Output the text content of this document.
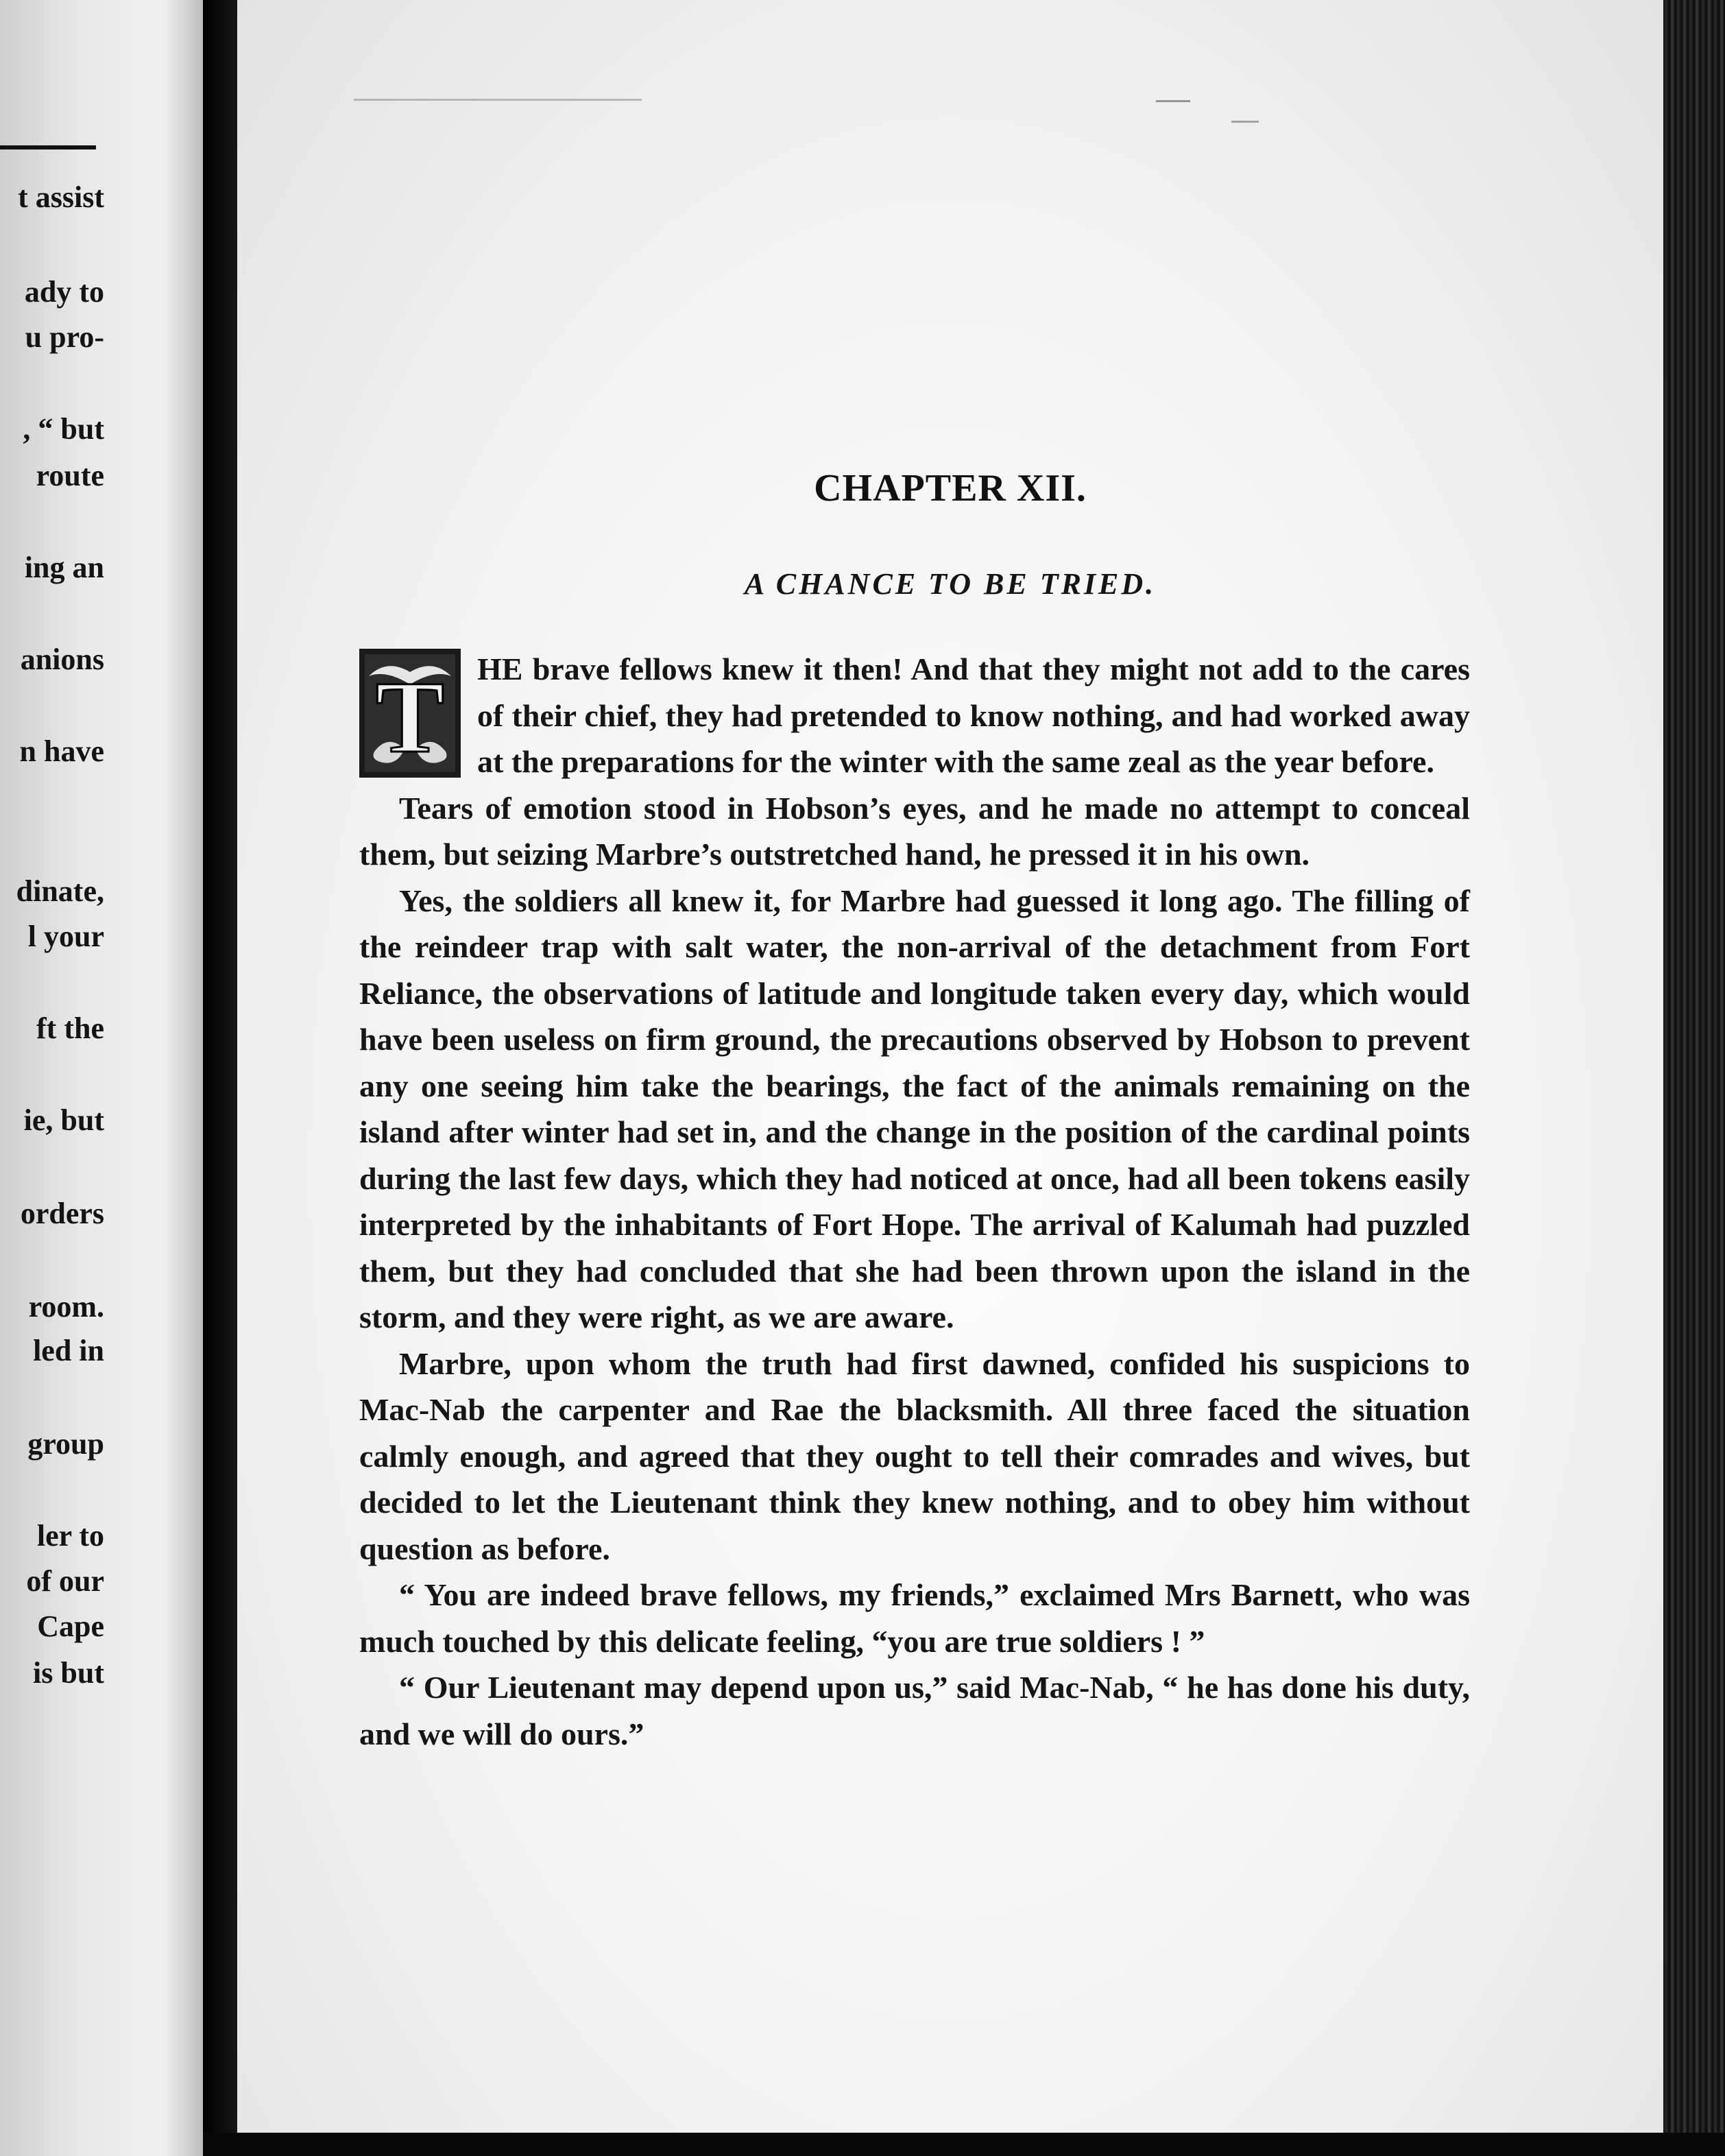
t assist
ady to
u pro-
, “ but
route
ing an
anions
n have
dinate,
l your
ft the
ie, but
orders
room.
led in
group
ler to
of our
Cape
is but
CHAPTER XII.
A CHANCE TO BE TRIED.

T HE brave fellows knew it then! And that they might not add to the cares of their chief, they had pretended to know nothing, and had worked away at the preparations for the winter with the same zeal as the year before.

Tears of emotion stood in Hobson’s eyes, and he made no attempt to conceal them, but seizing Marbre’s outstretched hand, he pressed it in his own.

Yes, the soldiers all knew it, for Marbre had guessed it long ago. The filling of the reindeer trap with salt water, the non-arrival of the detachment from Fort Reliance, the observations of latitude and longitude taken every day, which would have been useless on firm ground, the precautions observed by Hobson to prevent any one seeing him take the bearings, the fact of the animals remaining on the island after winter had set in, and the change in the position of the cardinal points during the last few days, which they had noticed at once, had all been tokens easily interpreted by the inhabitants of Fort Hope. The arrival of Kalumah had puzzled them, but they had concluded that she had been thrown upon the island in the storm, and they were right, as we are aware.

Marbre, upon whom the truth had first dawned, confided his suspicions to Mac-Nab the carpenter and Rae the blacksmith. All three faced the situation calmly enough, and agreed that they ought to tell their comrades and wives, but decided to let the Lieutenant think they knew nothing, and to obey him without question as before.

“ You are indeed brave fellows, my friends,” exclaimed Mrs Barnett, who was much touched by this delicate feeling, “you are true soldiers ! ”

“ Our Lieutenant may depend upon us,” said Mac-Nab, “ he has done his duty, and we will do ours.”
